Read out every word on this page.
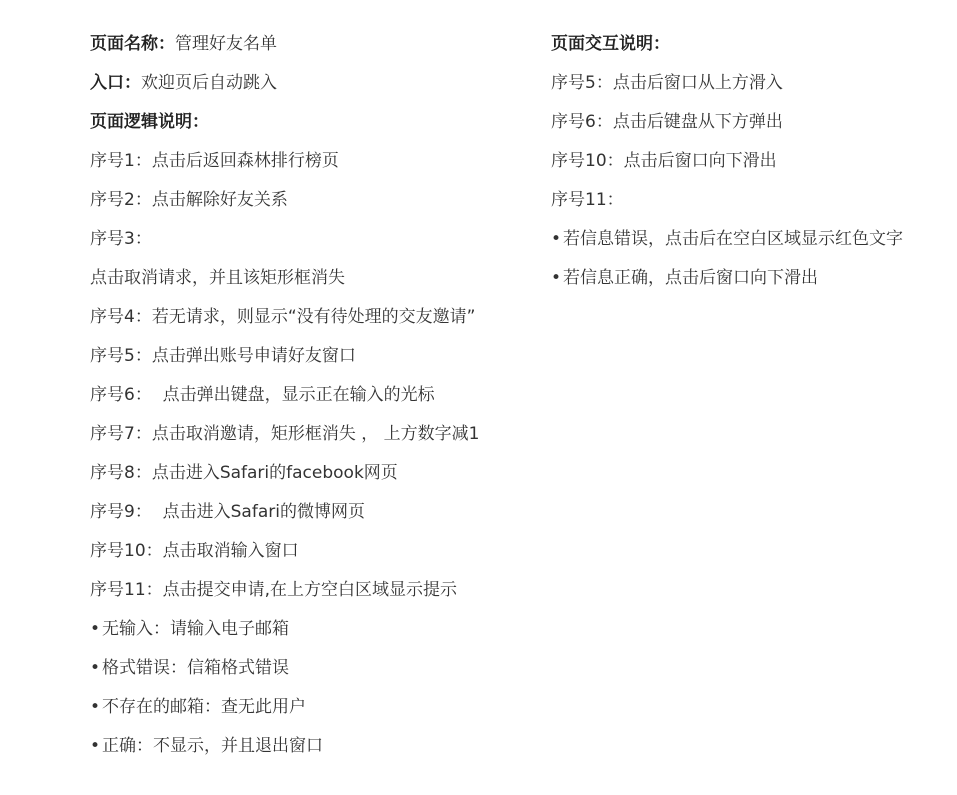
页面名称：管理好友名单
入口：欢迎页后自动跳入
页面逻辑说明：
序号1：点击后返回森林排行榜页
序号2：点击解除好友关系
序号3：
点击取消请求，并且该矩形框消失
序号4：若无请求，则显示“没有待处理的交友邀请”
序号5：点击弹出账号申请好友窗口
序号6：  点击弹出键盘，显示正在输入的光标
序号7：点击取消邀请，矩形框消失 ， 上方数字减1
序号8：点击进入Safari的facebook网页
序号9：  点击进入Safari的微博网页
序号10：点击取消输入窗口
序号11：点击提交申请,在上方空白区域显示提示
• 无输入：请输入电子邮箱
• 格式错误：信箱格式错误
• 不存在的邮箱：查无此用户
• 正确：不显示，并且退出窗口
页面交互说明：
序号5：点击后窗口从上方滑入
序号6：点击后键盘从下方弹出
序号10：点击后窗口向下滑出
序号11：
• 若信息错误，点击后在空白区域显示红色文字
• 若信息正确，点击后窗口向下滑出
